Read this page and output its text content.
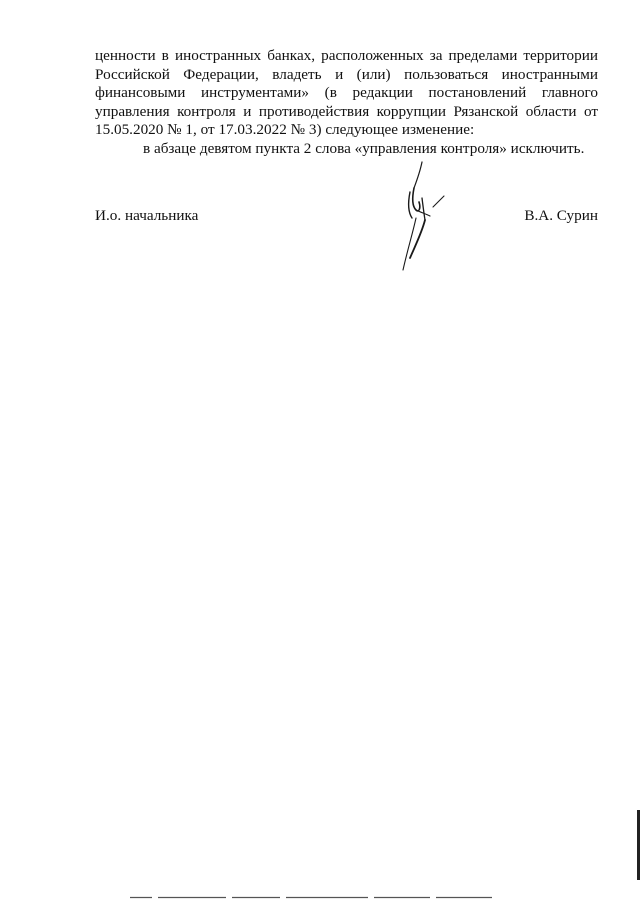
ценности в иностранных банках, расположенных за пределами территории

Российской Федерации, владеть и (или) пользоваться иностранными

финансовыми инструментами» (в редакции постановлений главного

управления контроля и противодействия коррупции Рязанской области от

15.05.2020 № 1, от 17.03.2022 № 3) следующее изменение:

в абзаце девятом пункта 2 слова «управления контроля» исключить.

И.о. начальника	В.А. Сурин
